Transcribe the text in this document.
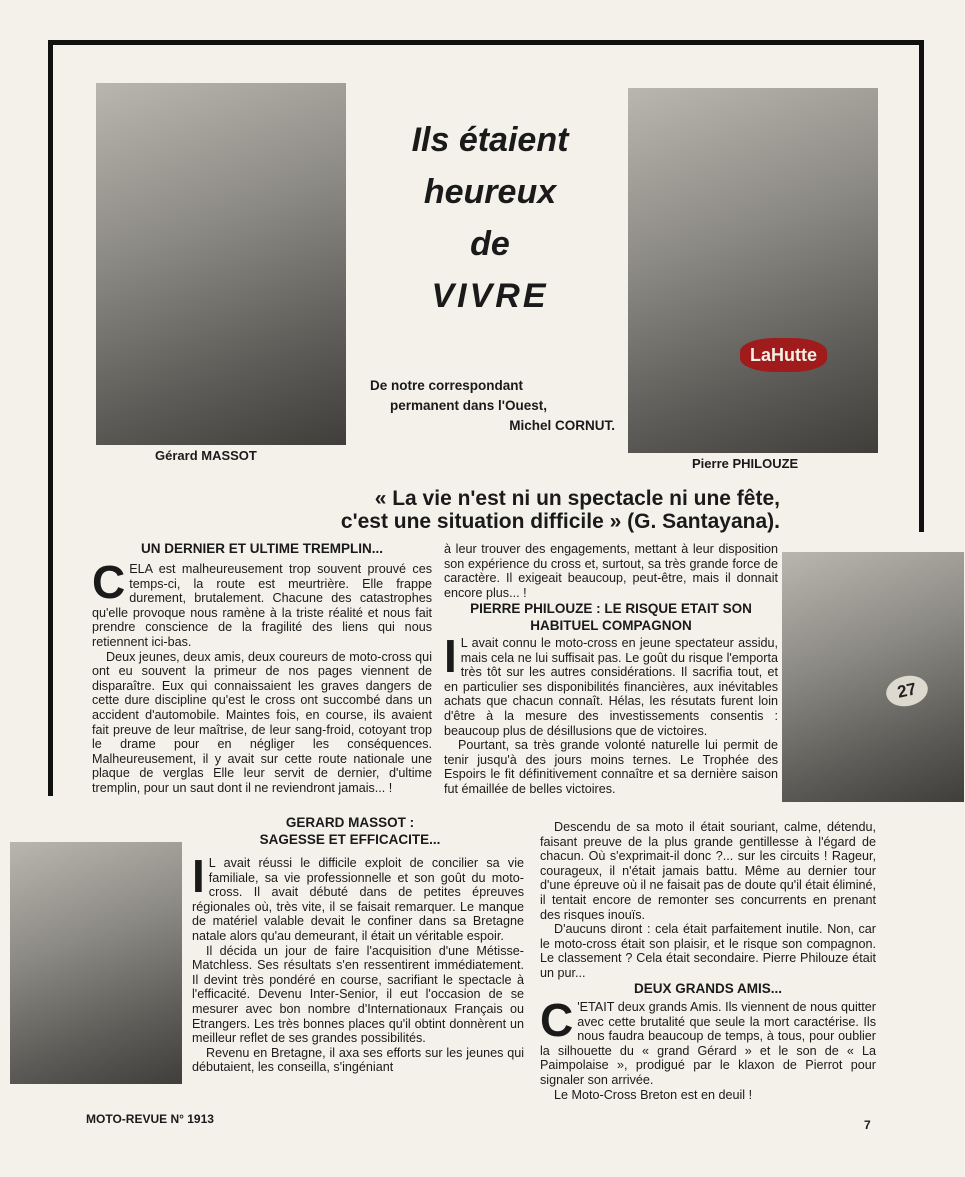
LaHutte
27
Gérard MASSOT
Pierre PHILOUZE
Ils étaient
heureux
de
VIVRE
De notre correspondant
permanent dans l'Ouest,
Michel CORNUT.
« La vie n'est ni un spectacle ni une fête,
c'est une situation difficile » (G. Santayana).
UN DERNIER ET ULTIME TREMPLIN...

CELA est malheureusement trop souvent prouvé ces temps-ci, la route est meurtrière. Elle frappe durement, brutalement. Chacune des catastrophes qu'elle provoque nous ramène à la triste réalité et nous fait prendre conscience de la fragilité des liens qui nous retiennent ici-bas.

Deux jeunes, deux amis, deux coureurs de moto-cross qui ont eu souvent la primeur de nos pages viennent de disparaître. Eux qui connaissaient les graves dangers de cette dure discipline qu'est le cross ont succombé dans un accident d'automobile. Maintes fois, en course, ils avaient fait preuve de leur maîtrise, de leur sang-froid, cotoyant trop le drame pour en négliger les conséquences. Malheureusement, il y avait sur cette route nationale une plaque de verglas Elle leur servit de dernier, d'ultime tremplin, pour un saut dont il ne reviendront jamais... !

à leur trouver des engagements, mettant à leur disposition son expérience du cross et, surtout, sa très grande force de caractère. Il exigeait beaucoup, peut-être, mais il donnait encore plus... !

PIERRE PHILOUZE : LE RISQUE ETAIT SON
HABITUEL COMPAGNON

I L avait connu le moto-cross en jeune spectateur assidu, mais cela ne lui suffisait pas. Le goût du risque l'emporta très tôt sur les autres considérations. Il sacrifia tout, et en particulier ses disponibilités financières, aux inévitables achats que chacun connaît. Hélas, les résutats furent loin d'être à la mesure des investissements consentis : beaucoup plus de désillusions que de victoires.

Pourtant, sa très grande volonté naturelle lui permit de tenir jusqu'à des jours moins ternes. Le Trophée des Espoirs le fit définitivement connaître et sa dernière saison fut émaillée de belles victoires.

GERARD MASSOT :
SAGESSE ET EFFICACITE...

I L avait réussi le difficile exploit de concilier sa vie familiale, sa vie professionnelle et son goût du moto-cross. Il avait débuté dans de petites épreuves régionales où, très vite, il se faisait remarquer. Le manque de matériel valable devait le confiner dans sa Bretagne natale alors qu'au demeurant, il était un véritable espoir.

Il décida un jour de faire l'acquisition d'une Métisse-Matchless. Ses résultats s'en ressentirent immédiatement. Il devint très pondéré en course, sacrifiant le spectacle à l'efficacité. Devenu Inter-Senior, il eut l'occasion de se mesurer avec bon nombre d'Internationaux Français ou Etrangers. Les très bonnes places qu'il obtint donnèrent un meilleur reflet de ses grandes possibilités.

Revenu en Bretagne, il axa ses efforts sur les jeunes qui débutaient, les conseilla, s'ingéniant

Descendu de sa moto il était souriant, calme, détendu, faisant preuve de la plus grande gentillesse à l'égard de chacun. Où s'exprimait-il donc ?... sur les circuits ! Rageur, courageux, il n'était jamais battu. Même au dernier tour d'une épreuve où il ne faisait pas de doute qu'il était éliminé, il tentait encore de remonter ses concurrents en prenant des risques inouïs.

D'aucuns diront : cela était parfaitement inutile. Non, car le moto-cross était son plaisir, et le risque son compagnon. Le classement ? Cela était secondaire. Pierre Philouze était un pur...

DEUX GRANDS AMIS...

C 'ETAIT deux grands Amis. Ils viennent de nous quitter avec cette brutalité que seule la mort caractérise. Ils nous faudra beaucoup de temps, à tous, pour oublier la silhouette du « grand Gérard » et le son de « La Paimpolaise », prodigué par le klaxon de Pierrot pour signaler son arrivée.

Le Moto-Cross Breton est en deuil !

MOTO-REVUE N° 1913	7
